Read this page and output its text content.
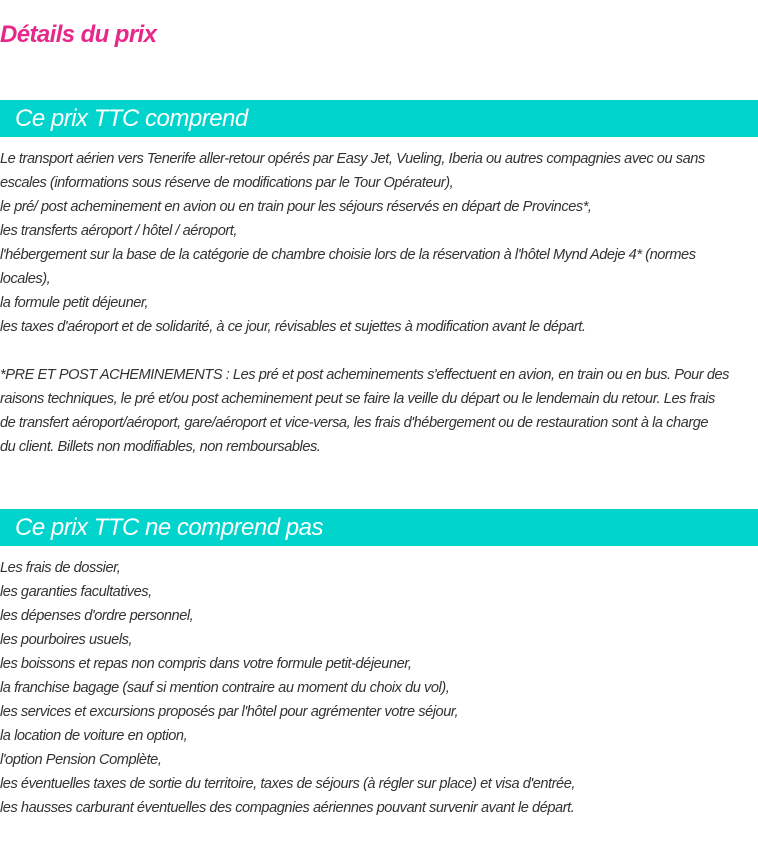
Détails du prix
Ce prix TTC comprend
Le transport aérien vers Tenerife aller-retour opérés par Easy Jet, Vueling, Iberia ou autres compagnies avec ou sans
escales (informations sous réserve de modifications par le Tour Opérateur),
le pré/ post acheminement en avion ou en train pour les séjours réservés en départ de Provinces*,
les transferts aéroport / hôtel / aéroport,
l'hébergement sur la base de la catégorie de chambre choisie lors de la réservation à l'hôtel Mynd Adeje 4* (normes
locales),
la formule petit déjeuner,
les taxes d'aéroport et de solidarité, à ce jour, révisables et sujettes à modification avant le départ.
*PRE ET POST ACHEMINEMENTS : Les pré et post acheminements s'effectuent en avion, en train ou en bus. Pour des
raisons techniques, le pré et/ou post acheminement peut se faire la veille du départ ou le lendemain du retour. Les frais
de transfert aéroport/aéroport, gare/aéroport et vice-versa, les frais d'hébergement ou de restauration sont à la charge
du client. Billets non modifiables, non remboursables.
Ce prix TTC ne comprend pas
Les frais de dossier,
les garanties facultatives,
les dépenses d'ordre personnel,
les pourboires usuels,
les boissons et repas non compris dans votre formule petit-déjeuner,
la franchise bagage (sauf si mention contraire au moment du choix du vol),
les services et excursions proposés par l'hôtel pour agrémenter votre séjour,
la location de voiture en option,
l'option Pension Complète,
les éventuelles taxes de sortie du territoire, taxes de séjours (à régler sur place) et visa d'entrée,
les hausses carburant éventuelles des compagnies aériennes pouvant survenir avant le départ.
